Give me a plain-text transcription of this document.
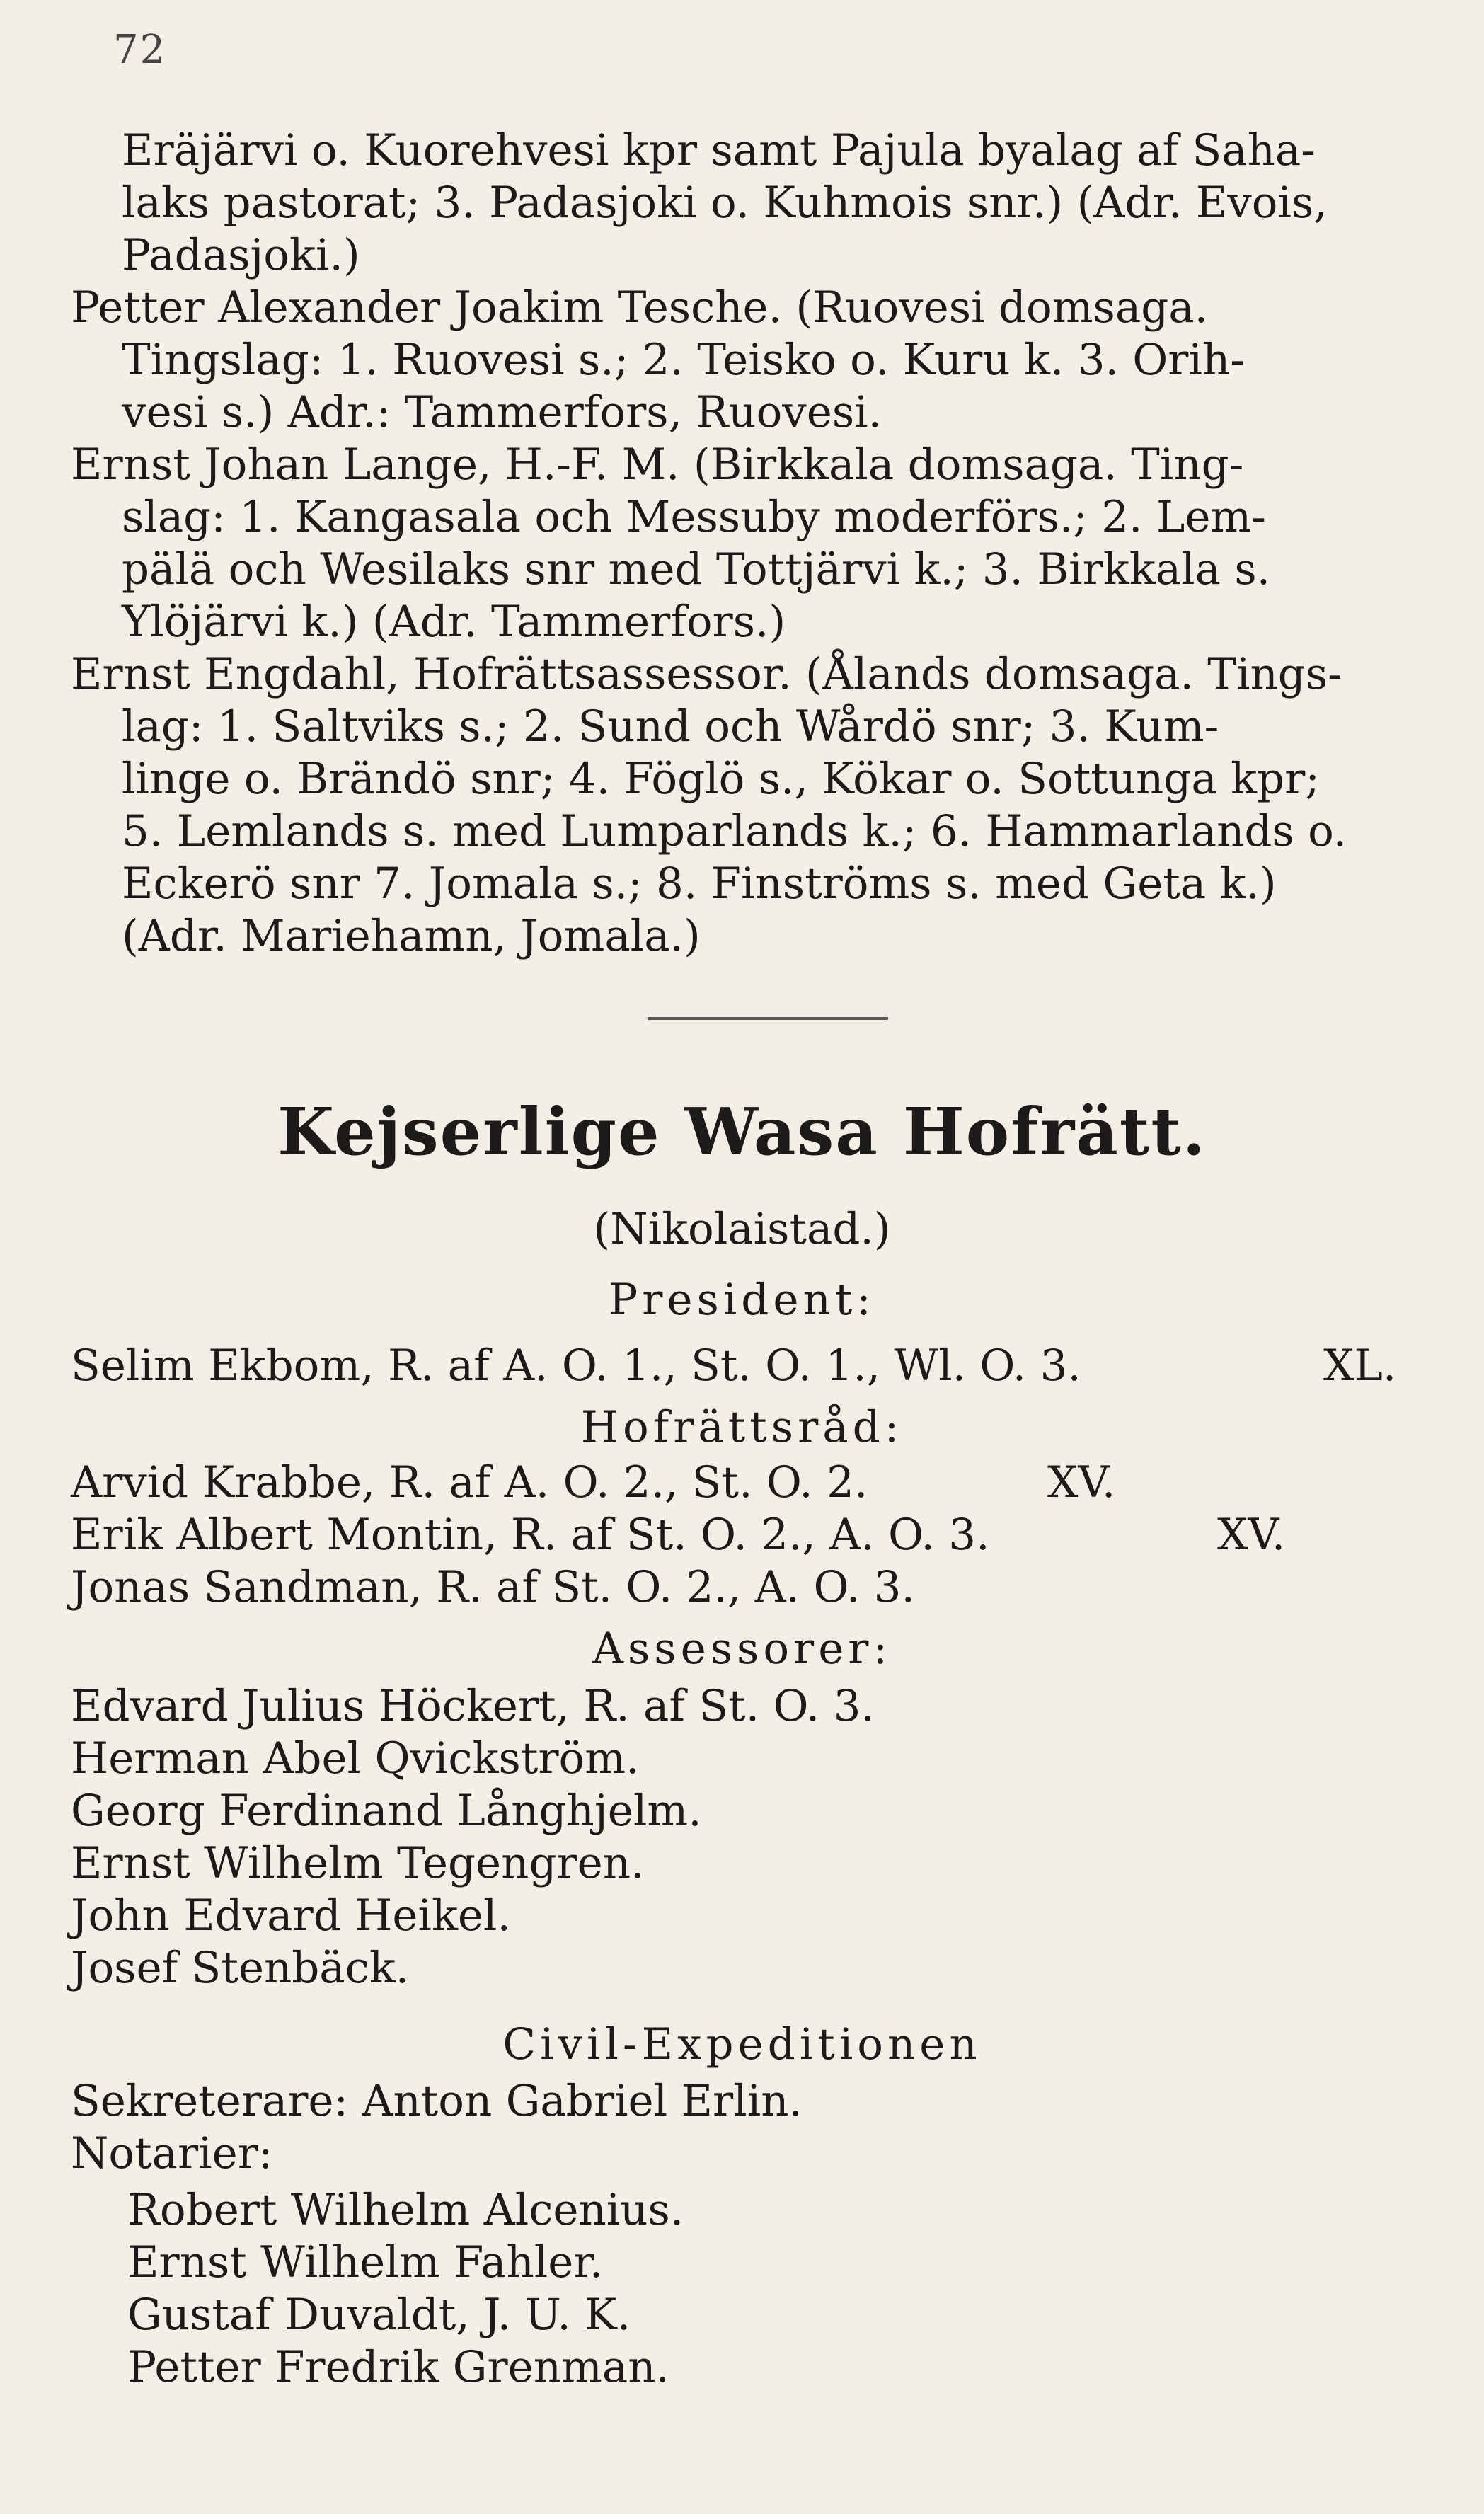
72
Eräjärvi o. Kuorehvesi kpr samt Pajula byalag af Saha-
laks pastorat; 3. Padasjoki o. Kuhmois snr.) (Adr. Evois,
Padasjoki.)
Petter Alexander Joakim Tesche. (Ruovesi domsaga.
Tingslag: 1. Ruovesi s.; 2. Teisko o. Kuru k. 3. Orih-
vesi s.) Adr.: Tammerfors, Ruovesi.
Ernst Johan Lange, H.-F. M. (Birkkala domsaga. Ting-
slag: 1. Kangasala och Messuby moderförs.; 2. Lem-
pälä och Wesilaks snr med Tottjärvi k.; 3. Birkkala s.
Ylöjärvi k.) (Adr. Tammerfors.)
Ernst Engdahl, Hofrättsassessor. (Ålands domsaga. Tings-
lag: 1. Saltviks s.; 2. Sund och Wårdö snr; 3. Kum-
linge o. Brändö snr; 4. Föglö s., Kökar o. Sottunga kpr;
5. Lemlands s. med Lumparlands k.; 6. Hammarlands o.
Eckerö snr 7. Jomala s.; 8. Finströms s. med Geta k.)
(Adr. Mariehamn, Jomala.)
Kejserlige Wasa Hofrätt.
(Nikolaistad.)
President:
Selim Ekbom, R. af A. O. 1., St. O. 1., Wl. O. 3.	XL.
Hofrättsråd:
Arvid Krabbe, R. af A. O. 2., St. O. 2.	XV.
Erik Albert Montin, R. af St. O. 2., A. O. 3.	XV.
Jonas Sandman, R. af St. O. 2., A. O. 3.
Assessorer:
Edvard Julius Höckert, R. af St. O. 3.
Herman Abel Qvickström.
Georg Ferdinand Långhjelm.
Ernst Wilhelm Tegengren.
John Edvard Heikel.
Josef Stenbäck.
Civil-Expeditionen
Sekreterare: Anton Gabriel Erlin.
Notarier:
Robert Wilhelm Alcenius.
Ernst Wilhelm Fahler.
Gustaf Duvaldt, J. U. K.
Petter Fredrik Grenman.
